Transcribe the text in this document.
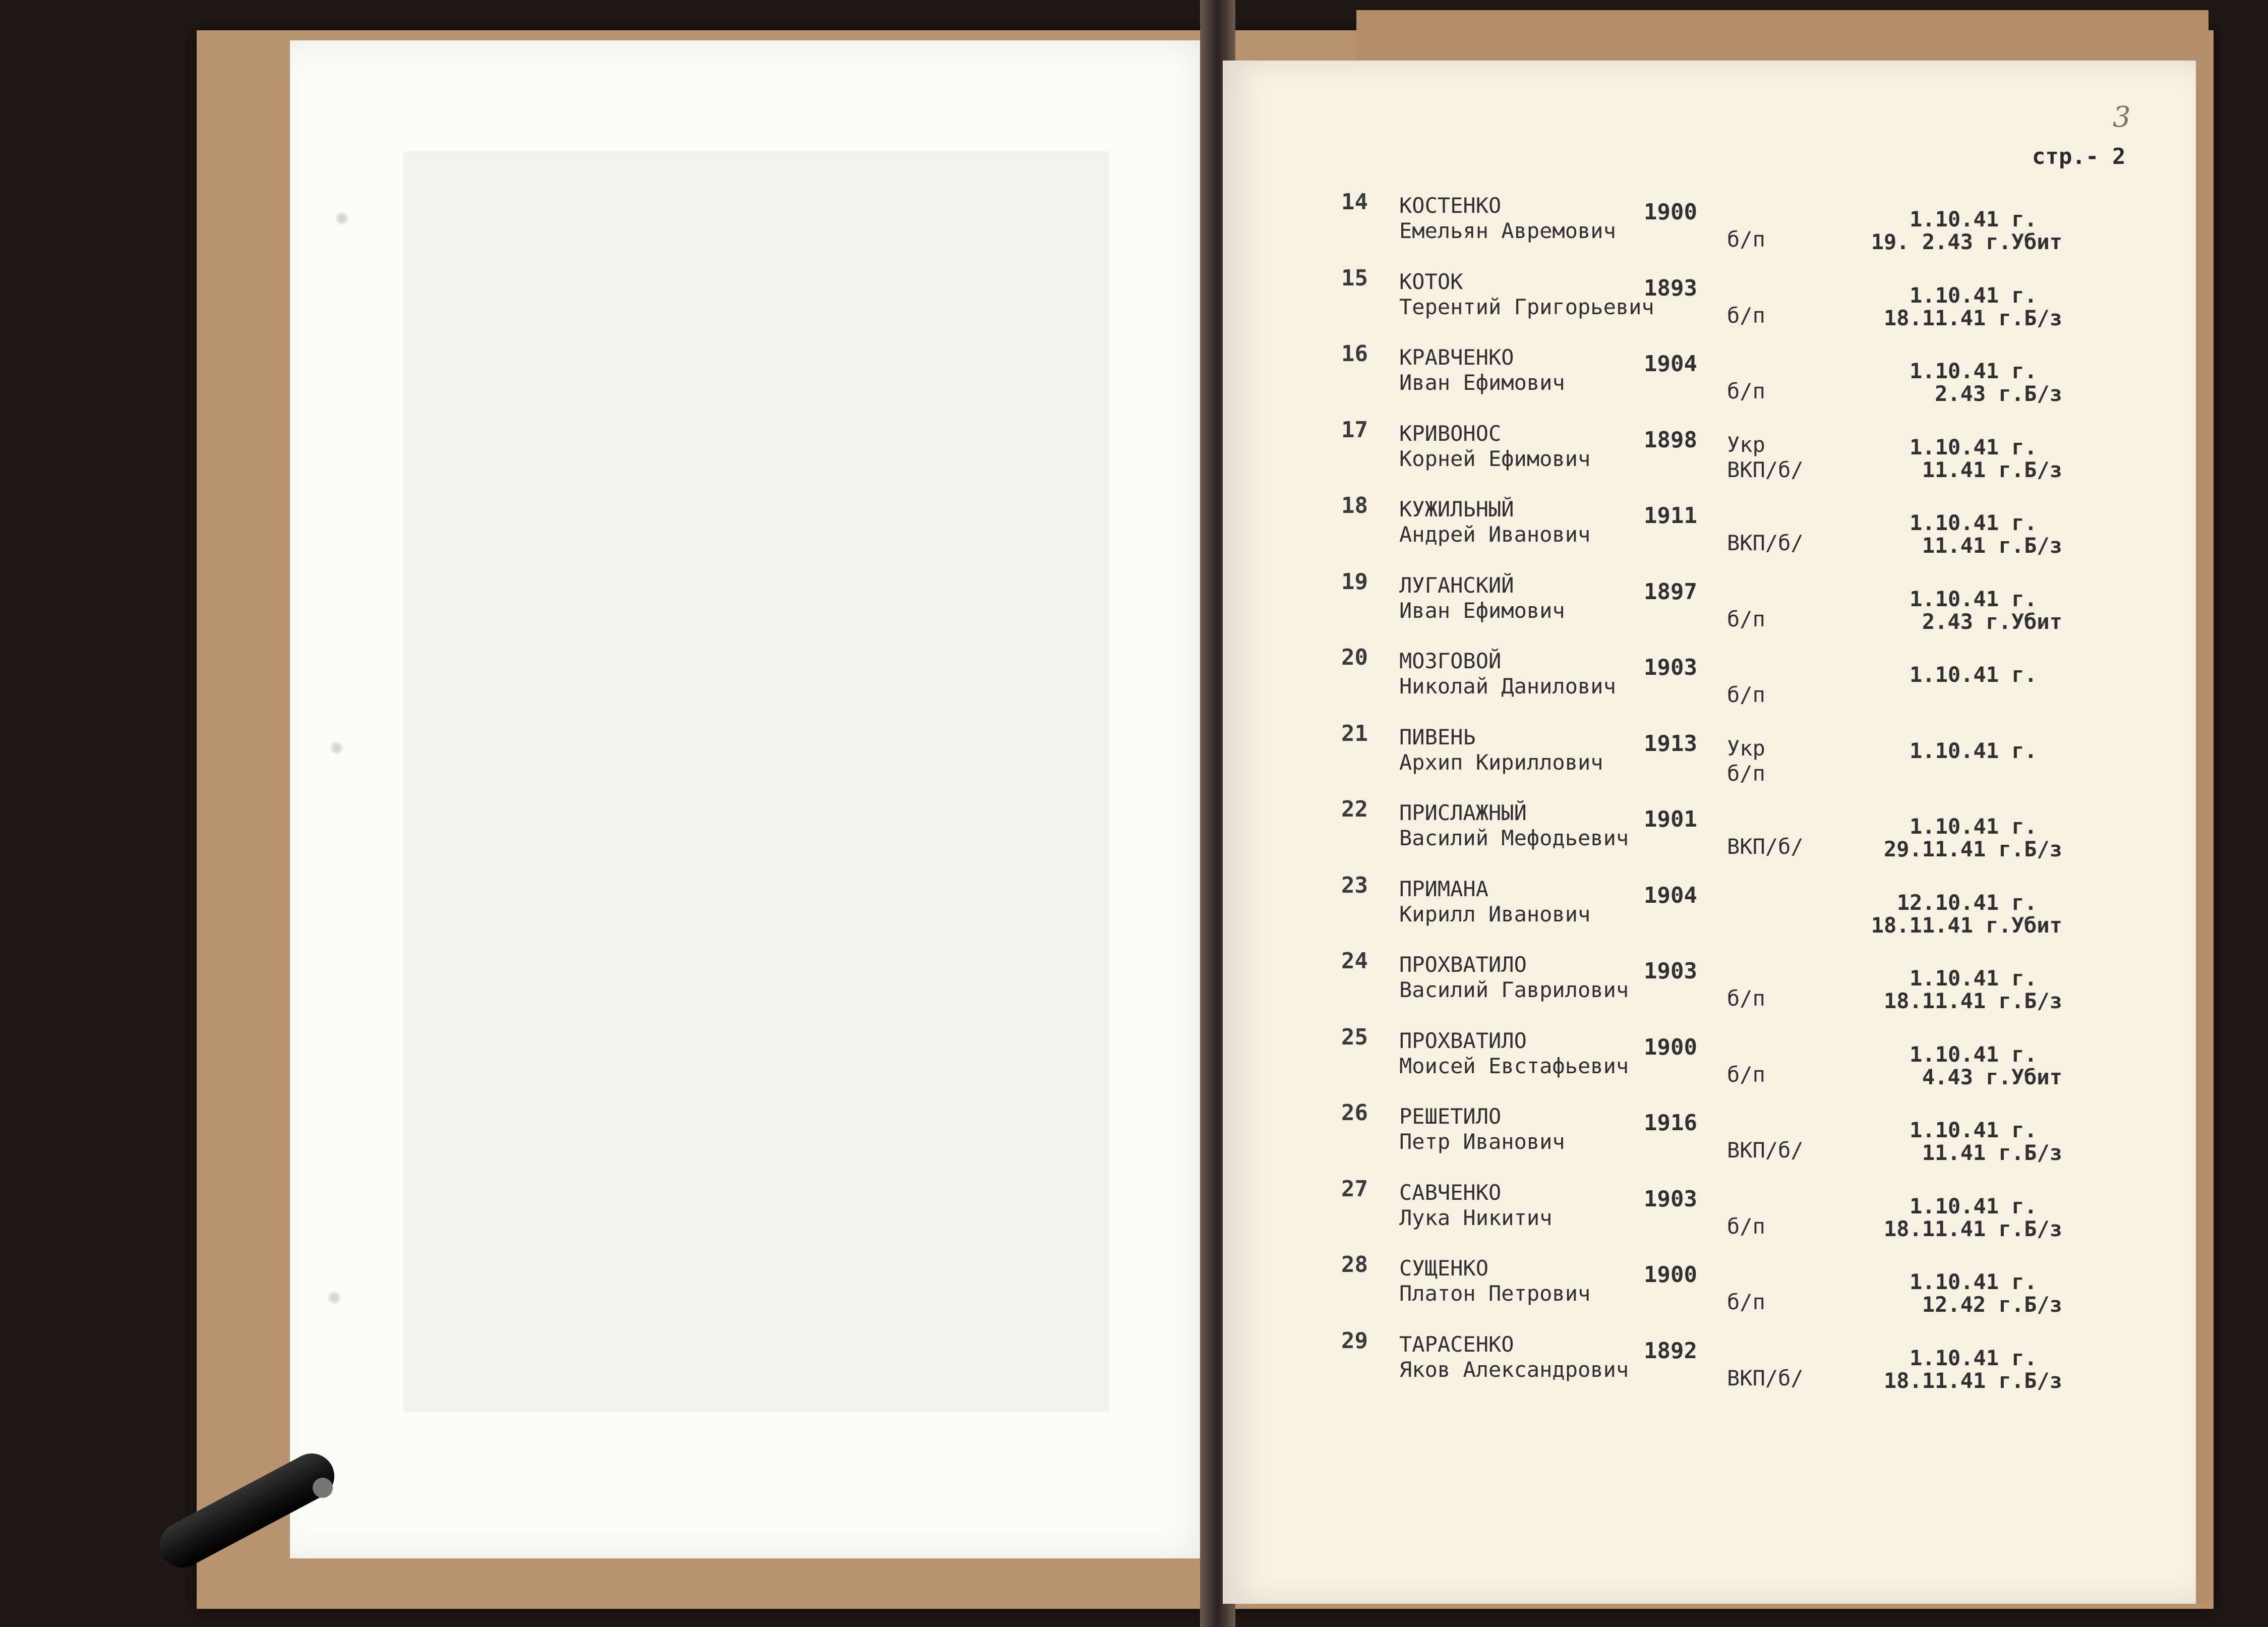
3
стр.- 2
14 КОСТЕНКО
Емельян Авремович
1900
б/п
1.10.41 г.
19. 2.43 г.Убит
15 КОТОК
Терентий Григорьевич
1893
б/п
1.10.41 г.
18.11.41 г.Б/з
16 КРАВЧЕНКО
Иван Ефимович
1904
б/п
1.10.41 г.
2.43 г.Б/з
17 КРИВОНОС
Корней Ефимович
1898 Укр
ВКП/б/
1.10.41 г.
11.41 г.Б/з
18 КУЖИЛЬНЫЙ
Андрей Иванович
1911
ВКП/б/
1.10.41 г.
11.41 г.Б/з
19 ЛУГАНСКИЙ
Иван Ефимович
1897
б/п
1.10.41 г.
2.43 г.Убит
20 МОЗГОВОЙ
Николай Данилович
1903
б/п
1.10.41 г.
21 ПИВЕНЬ
Архип Кириллович
1913 Укр
б/п
1.10.41 г.
22 ПРИСЛАЖНЫЙ
Василий Мефодьевич
1901
ВКП/б/
1.10.41 г.
29.11.41 г.Б/з
23 ПРИМАНА
Кирилл Иванович
1904	12.10.41 г.
18.11.41 г.Убит
24 ПРОХВАТИЛО
Василий Гаврилович
1903
б/п
1.10.41 г.
18.11.41 г.Б/з
25 ПРОХВАТИЛО
Моисей Евстафьевич
1900
б/п
1.10.41 г.
4.43 г.Убит
26 РЕШЕТИЛО
Петр Иванович
1916
ВКП/б/
1.10.41 г.
11.41 г.Б/з
27 САВЧЕНКО
Лука Никитич
1903
б/п
1.10.41 г.
18.11.41 г.Б/з
28 СУЩЕНКО
Платон Петрович
1900
б/п
1.10.41 г.
12.42 г.Б/з
29 ТАРАСЕНКО
Яков Александрович
1892
ВКП/б/
1.10.41 г.
18.11.41 г.Б/з
